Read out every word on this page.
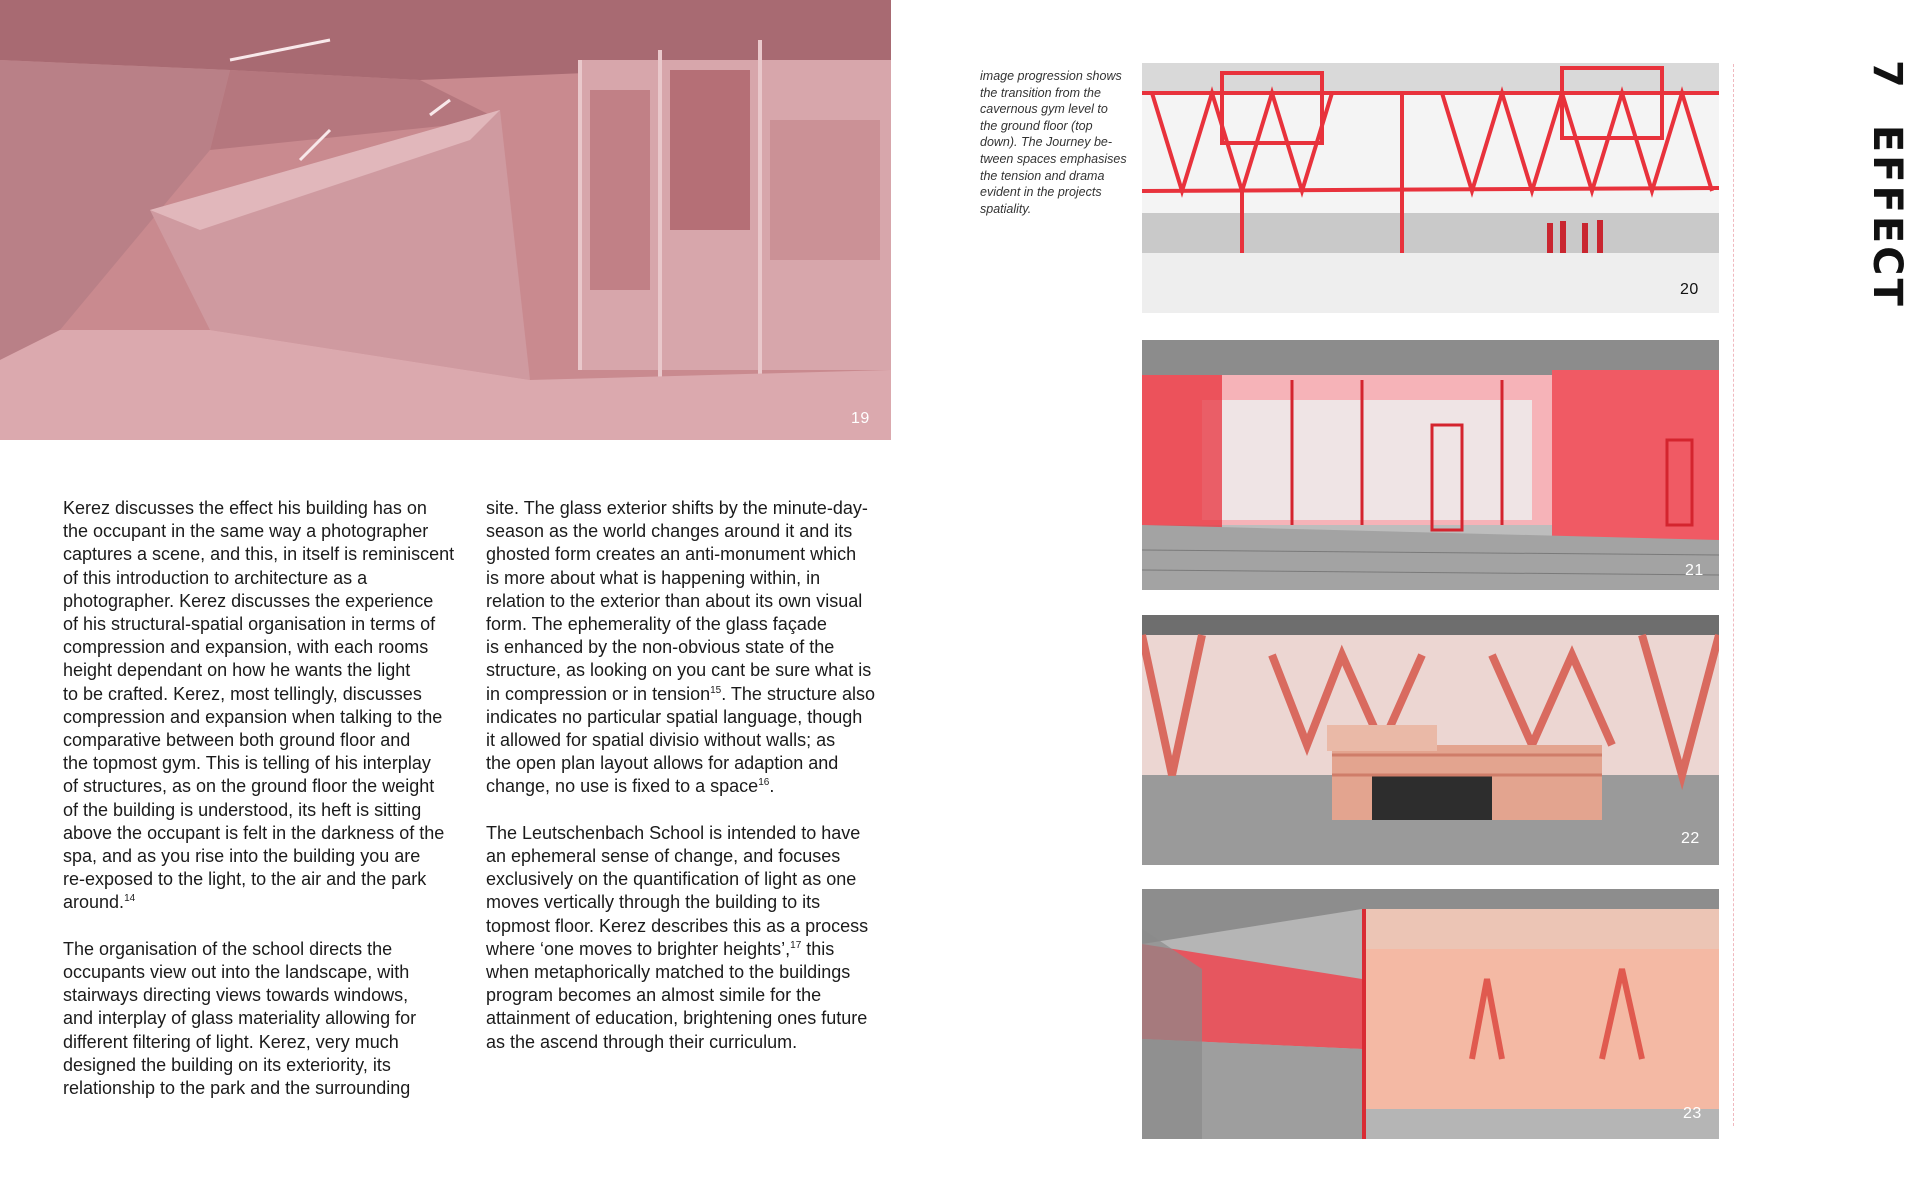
19

Kerez discusses the effect his building has on
the occupant in the same way a photographer
captures a scene, and this, in itself is reminiscent
of this introduction to architecture as a
photographer. Kerez discusses the experience
of his structural-spatial organisation in terms of
compression and expansion, with each rooms
height dependant on how he wants the light
to be crafted. Kerez, most tellingly, discusses
compression and expansion when talking to the
comparative between both ground floor and
the topmost gym. This is telling of his interplay
of structures, as on the ground floor the weight
of the building is understood, its heft is sitting
above the occupant is felt in the darkness of the
spa, and as you rise into the building you are
re-exposed to the light, to the air and the park
around.$^{14}$

The organisation of the school directs the
occupants view out into the landscape, with
stairways directing views towards windows,
and interplay of glass materiality allowing for
different filtering of light. Kerez, very much
designed the building on its exteriority, its
relationship to the park and the surrounding

site. The glass exterior shifts by the minute-day-
season as the world changes around it and its
ghosted form creates an anti-monument which
is more about what is happening within, in
relation to the exterior than about its own visual
form. The ephemerality of the glass façade
is enhanced by the non-obvious state of the
structure, as looking on you cant be sure what is
in compression or in tension$^{15}$. The structure also
indicates no particular spatial language, though
it allowed for spatial divisio without walls; as
the open plan layout allows for adaption and
change, no use is fixed to a space$^{16}$.

The Leutschenbach School is intended to have
an ephemeral sense of change, and focuses
exclusively on the quantification of light as one
moves vertically through the building to its
topmost floor. Kerez describes this as a process
where ‘one moves to brighter heights’,$^{17}$ this
when metaphorically matched to the buildings
program becomes an almost simile for the
attainment of education, brightening ones future
as the ascend through their curriculum.

image progression shows
the transition from the
cavernous gym level to
the ground floor (top
down). The Journey be-
tween spaces emphasises
the tension and drama
evident in the projects
spatiality.
20
21
22
23
7EFFECT
